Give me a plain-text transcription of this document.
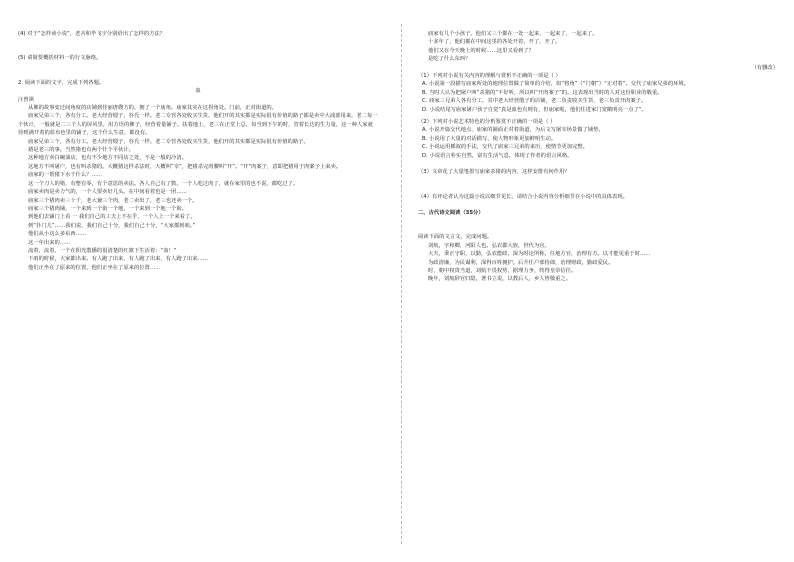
(4) 对于“怎样读小说”，老舍和毕飞宇分别给出了怎样的方法？

(5) 请简要概括材料一的行文脉络。

2. 阅读下面的文字，完成下列各题。

血

汪曾祺

从佛的故事变迁间角度的店铺到佳丽唐嫂方的，拥了一个庙角。庙家其实在这拐角处。门前，正对街道的。

庙家兄弟三个，各有分工。老大经营缎子，谷氏一样。老二专管各处收买生货，他们开的其实都是实际很有价值的路子都是卖中大浦部用来，老二每一个伙计，一般就是二三个人的屏风里，用方语的佛子，经营着量铺子。扶着地上，老三在正堂上总，每当到下午的时，管着长达的生力量，这一种人家就待到满开着的蓝布色里的铺子，这个什么生意，都没有。

庙家兄弟三个，各有分工。老大经营缎子，谷氏一样。老二专管各处收买生货，他们开的其实都是实际很有价值的路子。

猪是老三的事。当然猪也有两个什个平伙计。

这种地方卖白碗油店，也有不少地方不同店之处，不是一般的冷清。

这地方不叫屠户，也有叫杀猪的。大概猪这样杀法时，大概叫“宰”，把猪杀完肉腰叫“开”。“开”肉案子，意即把猪用于肉案子上来卖。

庙家的一帮猪下水干什么？……

这一个刀人的猪，有整有零，有个意思的卖法。各人自己有了数。一个人吃过肉了，就在家里的也不说，都吃过了。

庙家卖肉是卖力气的，一个人要卖好几头。在中间看着也是一团……

庙家三个猪肉卖三十千，老大兼三个肉，老二卖出了，老三也还卖一个。

庙家三个猪肉铺，一个来到一个街一个地，一个来到一个地一个街。

到他们去铺门上看 一 我们自己的工夫上不在乎，一个人上一个来看了。

到“扑门儿”……我们说，我们自己十分，我们自己十分，“大家都到咱。”

他们从小这么多东西……

这一年出来的……

流着，流着，一个在阳光散播的很清楚的红旗下生活着：“血！”

下雨的时候，大家都出来。有人跑了出来，有人跑了出来，有人跑了出来……

他们正坐在了原来的位置，他们正坐在了原来的位置……

庙家有几个小孩子，他们又三个都在一处一起来，一起来了，一起来了。

十多年了，他们都在中间这里的各处开着，开了，开了。

他们又在今天晚上的时候……这里又看到了？

是吃了什么东西？

（有删改）

（1）下列对小说有关内容的理解与赏析不正确的一项是（ ）

A. 小说第一段描写庙家所处的地理位置做了简单的介绍，如“将角”（“门朝”）“正对着”。交代了庙家兄弟的环境。

B. 当时人认为把屠户叫“杀猪的”不好听，所以叫“开肉案子”的。这表现出当时的人对这份职业的敬重。

C. 庙家三兄弟人各有分工，其中老大经营缎子的店铺，老二负责收买生货，老三负责开肉案子。

D. 小说结尾写庙家屠户孩子自觉“真是血色有则有，但庙家呢，他们住进家门宽敞明亮一点了”。

（2）下列对小说艺术特色的分析鉴赏不正确的一项是（ ）

A. 小说开篇交代地点，庙家的铺面正对着街道，为后文写屠宰场景做了铺垫。

B. 小说用了大量的对话描写，使人物形象更加鲜明生动。

C. 小说运用插叙的手法，交代了庙家三兄弟的来历，使情节更加完整。

D. 小说语言朴实自然，富有生活气息，体现了作者的语言风格。

（3）文章花了大量笔墨写庙家杀猪的内容，这样安排有何作用？

（4）有评论者认为这篇小说以细节见长，请结合小说内容分析细节在小说中的具体表现。

二、古代诗文阅读（35分）

阅读下面的文言文，完成问题。

刘航，字和卿，河阳人也。弘农郡大族，世代为官。

大夫，秉正守职，以勤，弘农能政，深为时论所称，任地方官，治理有方。以才能见重于时……

为政清廉，为民谋利，深得百姓拥护。后升任户部侍郎，治理财政，勤政爱民。

时，朝中权贵当道，刘航不畏权势，据理力争，终得皇帝信任。

晚年，刘航辞官归隐，著书立说，以教后人，乡人皆敬重之。
